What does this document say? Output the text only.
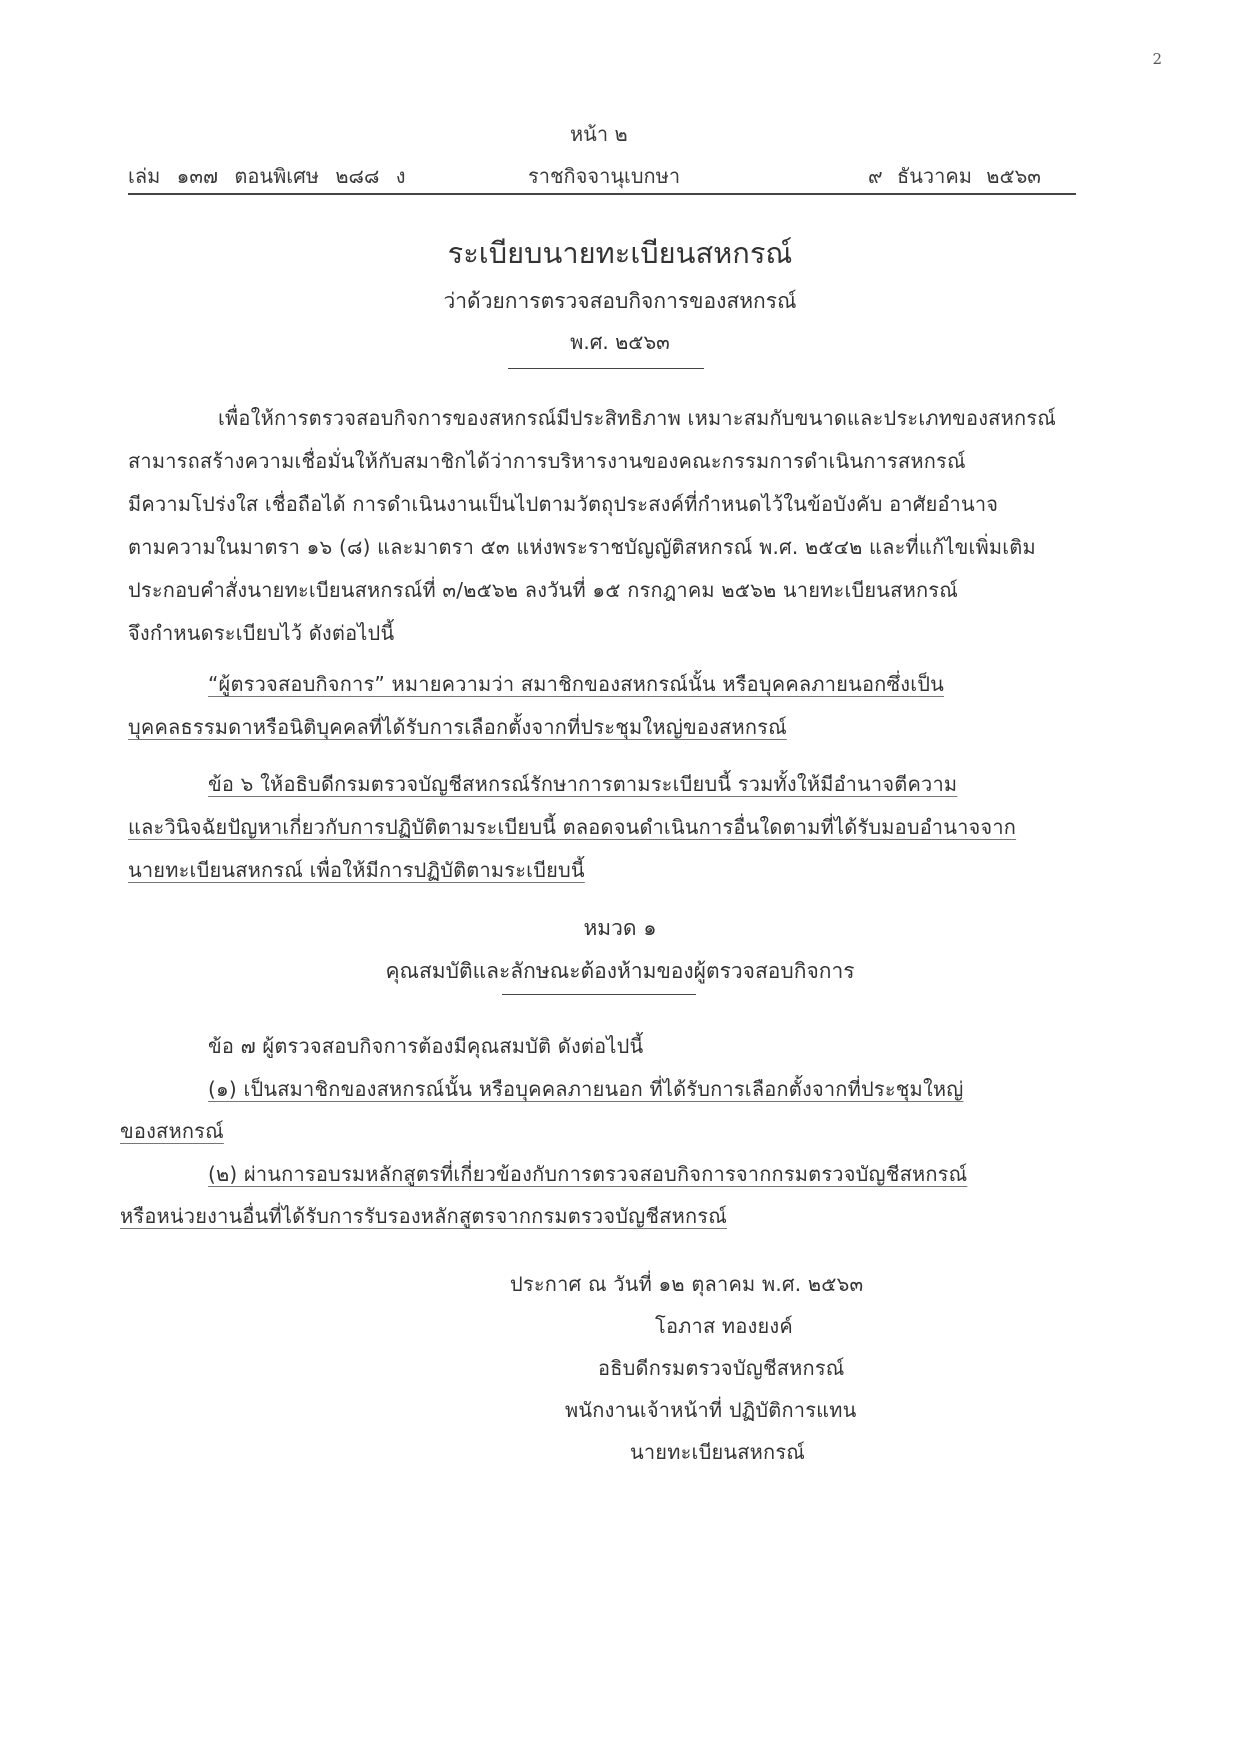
2
หน้า ๒
เล่ม ๑๓๗ ตอนพิเศษ ๒๘๘ ง	ราชกิจจานุเบกษา	๙ ธันวาคม ๒๕๖๓
ระเบียบนายทะเบียนสหกรณ์
ว่าด้วยการตรวจสอบกิจการของสหกรณ์
พ.ศ. ๒๕๖๓
เพื่อให้การตรวจสอบกิจการของสหกรณ์มีประสิทธิภาพ เหมาะสมกับขนาดและประเภทของสหกรณ์
สามารถสร้างความเชื่อมั่นให้กับสมาชิกได้ว่าการบริหารงานของคณะกรรมการดำเนินการสหกรณ์
มีความโปร่งใส เชื่อถือได้ การดำเนินงานเป็นไปตามวัตถุประสงค์ที่กำหนดไว้ในข้อบังคับ อาศัยอำนาจ
ตามความในมาตรา ๑๖ (๘) และมาตรา ๕๓ แห่งพระราชบัญญัติสหกรณ์ พ.ศ. ๒๕๔๒ และที่แก้ไขเพิ่มเติม
ประกอบคำสั่งนายทะเบียนสหกรณ์ที่ ๓/๒๕๖๒ ลงวันที่ ๑๕ กรกฎาคม ๒๕๖๒ นายทะเบียนสหกรณ์
จึงกำหนดระเบียบไว้ ดังต่อไปนี้
“ผู้ตรวจสอบกิจการ” หมายความว่า สมาชิกของสหกรณ์นั้น หรือบุคคลภายนอกซึ่งเป็น
บุคคลธรรมดาหรือนิติบุคคลที่ได้รับการเลือกตั้งจากที่ประชุมใหญ่ของสหกรณ์
ข้อ ๖ ให้อธิบดีกรมตรวจบัญชีสหกรณ์รักษาการตามระเบียบนี้ รวมทั้งให้มีอำนาจตีความ
และวินิจฉัยปัญหาเกี่ยวกับการปฏิบัติตามระเบียบนี้ ตลอดจนดำเนินการอื่นใดตามที่ได้รับมอบอำนาจจาก
นายทะเบียนสหกรณ์ เพื่อให้มีการปฏิบัติตามระเบียบนี้
หมวด ๑
คุณสมบัติและลักษณะต้องห้ามของผู้ตรวจสอบกิจการ
ข้อ ๗ ผู้ตรวจสอบกิจการต้องมีคุณสมบัติ ดังต่อไปนี้
(๑) เป็นสมาชิกของสหกรณ์นั้น หรือบุคคลภายนอก ที่ได้รับการเลือกตั้งจากที่ประชุมใหญ่
ของสหกรณ์
(๒) ผ่านการอบรมหลักสูตรที่เกี่ยวข้องกับการตรวจสอบกิจการจากกรมตรวจบัญชีสหกรณ์
หรือหน่วยงานอื่นที่ได้รับการรับรองหลักสูตรจากกรมตรวจบัญชีสหกรณ์
ประกาศ ณ วันที่ ๑๒ ตุลาคม พ.ศ. ๒๕๖๓
โอภาส ทองยงค์
อธิบดีกรมตรวจบัญชีสหกรณ์
พนักงานเจ้าหน้าที่ ปฏิบัติการแทน
นายทะเบียนสหกรณ์
